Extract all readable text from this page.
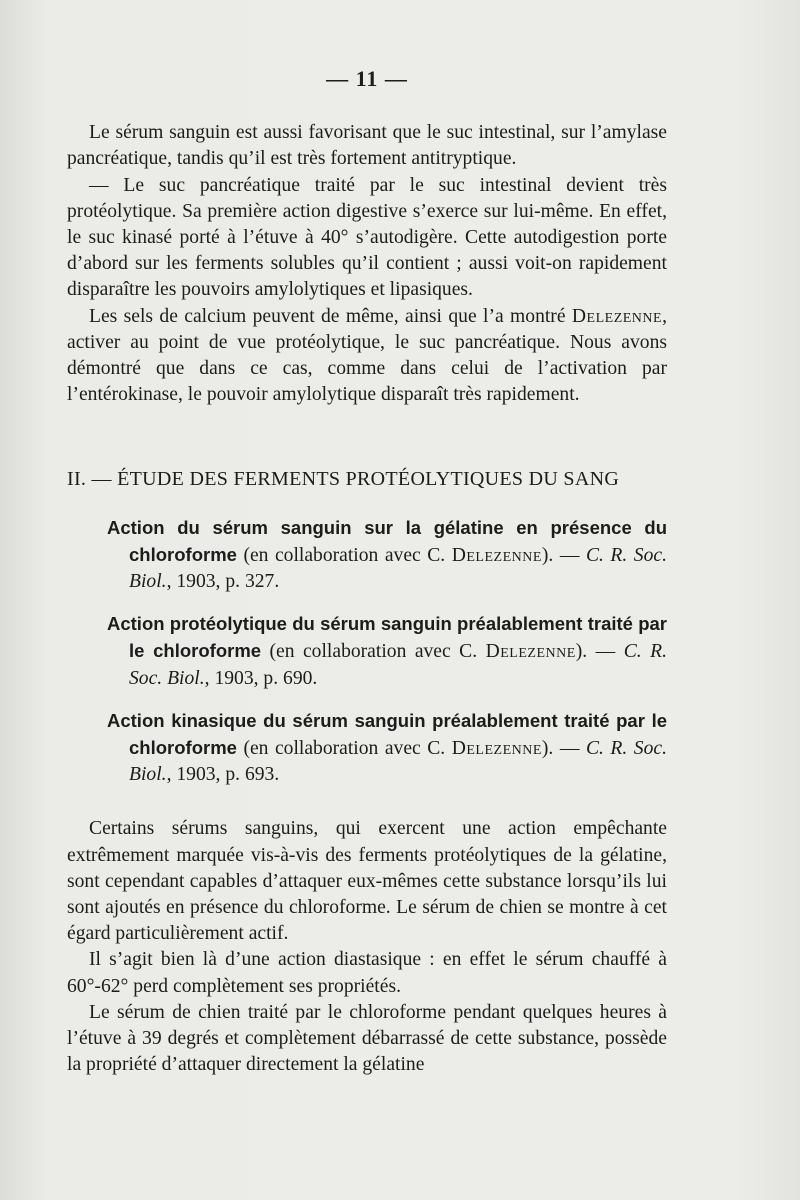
— 11 —

Le sérum sanguin est aussi favorisant que le suc intestinal, sur l’amylase pancréatique, tandis qu’il est très fortement antitryptique.

— Le suc pancréatique traité par le suc intestinal devient très protéolytique. Sa première action digestive s’exerce sur lui-même. En effet, le suc kinasé porté à l’étuve à 40° s’autodigère. Cette autodigestion porte d’abord sur les ferments solubles qu’il contient ; aussi voit-on rapidement disparaître les pouvoirs amylolytiques et lipasiques.

Les sels de calcium peuvent de même, ainsi que l’a montré Delezenne, activer au point de vue protéolytique, le suc pancréatique. Nous avons démontré que dans ce cas, comme dans celui de l’activation par l’entérokinase, le pouvoir amylolytique disparaît très rapidement.

II. — ÉTUDE DES FERMENTS PROTÉOLYTIQUES DU SANG
Action du sérum sanguin sur la gélatine en présence du chloroforme (en collaboration avec C. Delezenne). — C. R. Soc. Biol., 1903, p. 327.
Action protéolytique du sérum sanguin préalablement traité par le chloroforme (en collaboration avec C. Delezenne). — C. R. Soc. Biol., 1903, p. 690.
Action kinasique du sérum sanguin préalablement traité par le chloroforme (en collaboration avec C. Delezenne). — C. R. Soc. Biol., 1903, p. 693.

Certains sérums sanguins, qui exercent une action empêchante extrêmement marquée vis-à-vis des ferments protéolytiques de la gélatine, sont cependant capables d’attaquer eux-mêmes cette substance lorsqu’ils lui sont ajoutés en présence du chloroforme. Le sérum de chien se montre à cet égard particulièrement actif.

Il s’agit bien là d’une action diastasique : en effet le sérum chauffé à 60°-62° perd complètement ses propriétés.

Le sérum de chien traité par le chloroforme pendant quelques heures à l’étuve à 39 degrés et complètement débarrassé de cette substance, possède la propriété d’attaquer directement la gélatine
